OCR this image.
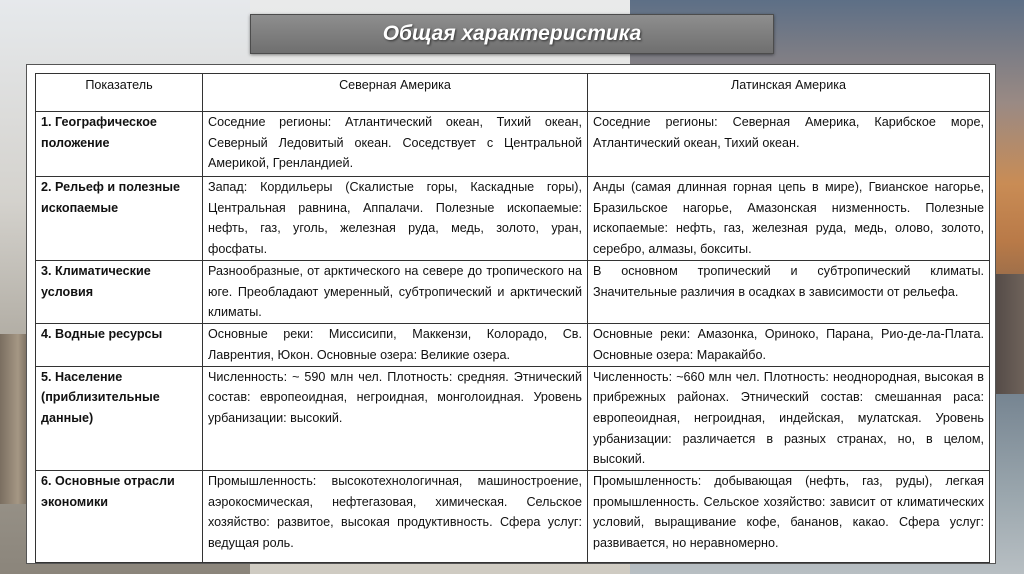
Общая характеристика
Показатель	Северная Америка	Латинская Америка
1. Географическое положение	Соседние регионы: Атлантический океан, Тихий океан, Северный Ледовитый океан. Соседствует с Центральной Америкой, Гренландией.	Соседние регионы: Северная Америка, Карибское море, Атлантический океан, Тихий океан.
2. Рельеф и полезные ископаемые	Запад: Кордильеры (Скалистые горы, Каскадные горы), Центральная равнина, Аппалачи. Полезные ископаемые: нефть, газ, уголь, железная руда, медь, золото, уран, фосфаты.	Анды (самая длинная горная цепь в мире), Гвианское нагорье, Бразильское нагорье, Амазонская низменность. Полезные ископаемые: нефть, газ, железная руда, медь, олово, золото, серебро, алмазы, бокситы.
3. Климатические условия	Разнообразные, от арктического на севере до тропического на юге. Преобладают умеренный, субтропический и арктический климаты.	В основном тропический и субтропический климаты. Значительные различия в осадках в зависимости от рельефа.
4. Водные ресурсы	Основные реки: Миссисипи, Маккензи, Колорадо, Св. Лаврентия, Юкон. Основные озера: Великие озера.	Основные реки: Амазонка, Ориноко, Парана, Рио-де-ла-Плата. Основные озера: Маракайбо.
5. Население (приблизительные данные)	Численность: ~ 590 млн чел. Плотность: средняя. Этнический состав: европеоидная, негроидная, монголоидная. Уровень урбанизации: высокий.	Численность: ~660 млн чел. Плотность: неоднородная, высокая в прибрежных районах. Этнический состав: смешанная раса: европеоидная, негроидная, индейская, мулатская. Уровень урбанизации: различается в разных странах, но, в целом, высокий.
6. Основные отрасли экономики	Промышленность: высокотехнологичная, машиностроение, аэрокосмическая, нефтегазовая, химическая. Сельское хозяйство: развитое, высокая продуктивность. Сфера услуг: ведущая роль.	Промышленность: добывающая (нефть, газ, руды), легкая промышленность. Сельское хозяйство: зависит от климатических условий, выращивание кофе, бананов, какао. Сфера услуг: развивается, но неравномерно.
